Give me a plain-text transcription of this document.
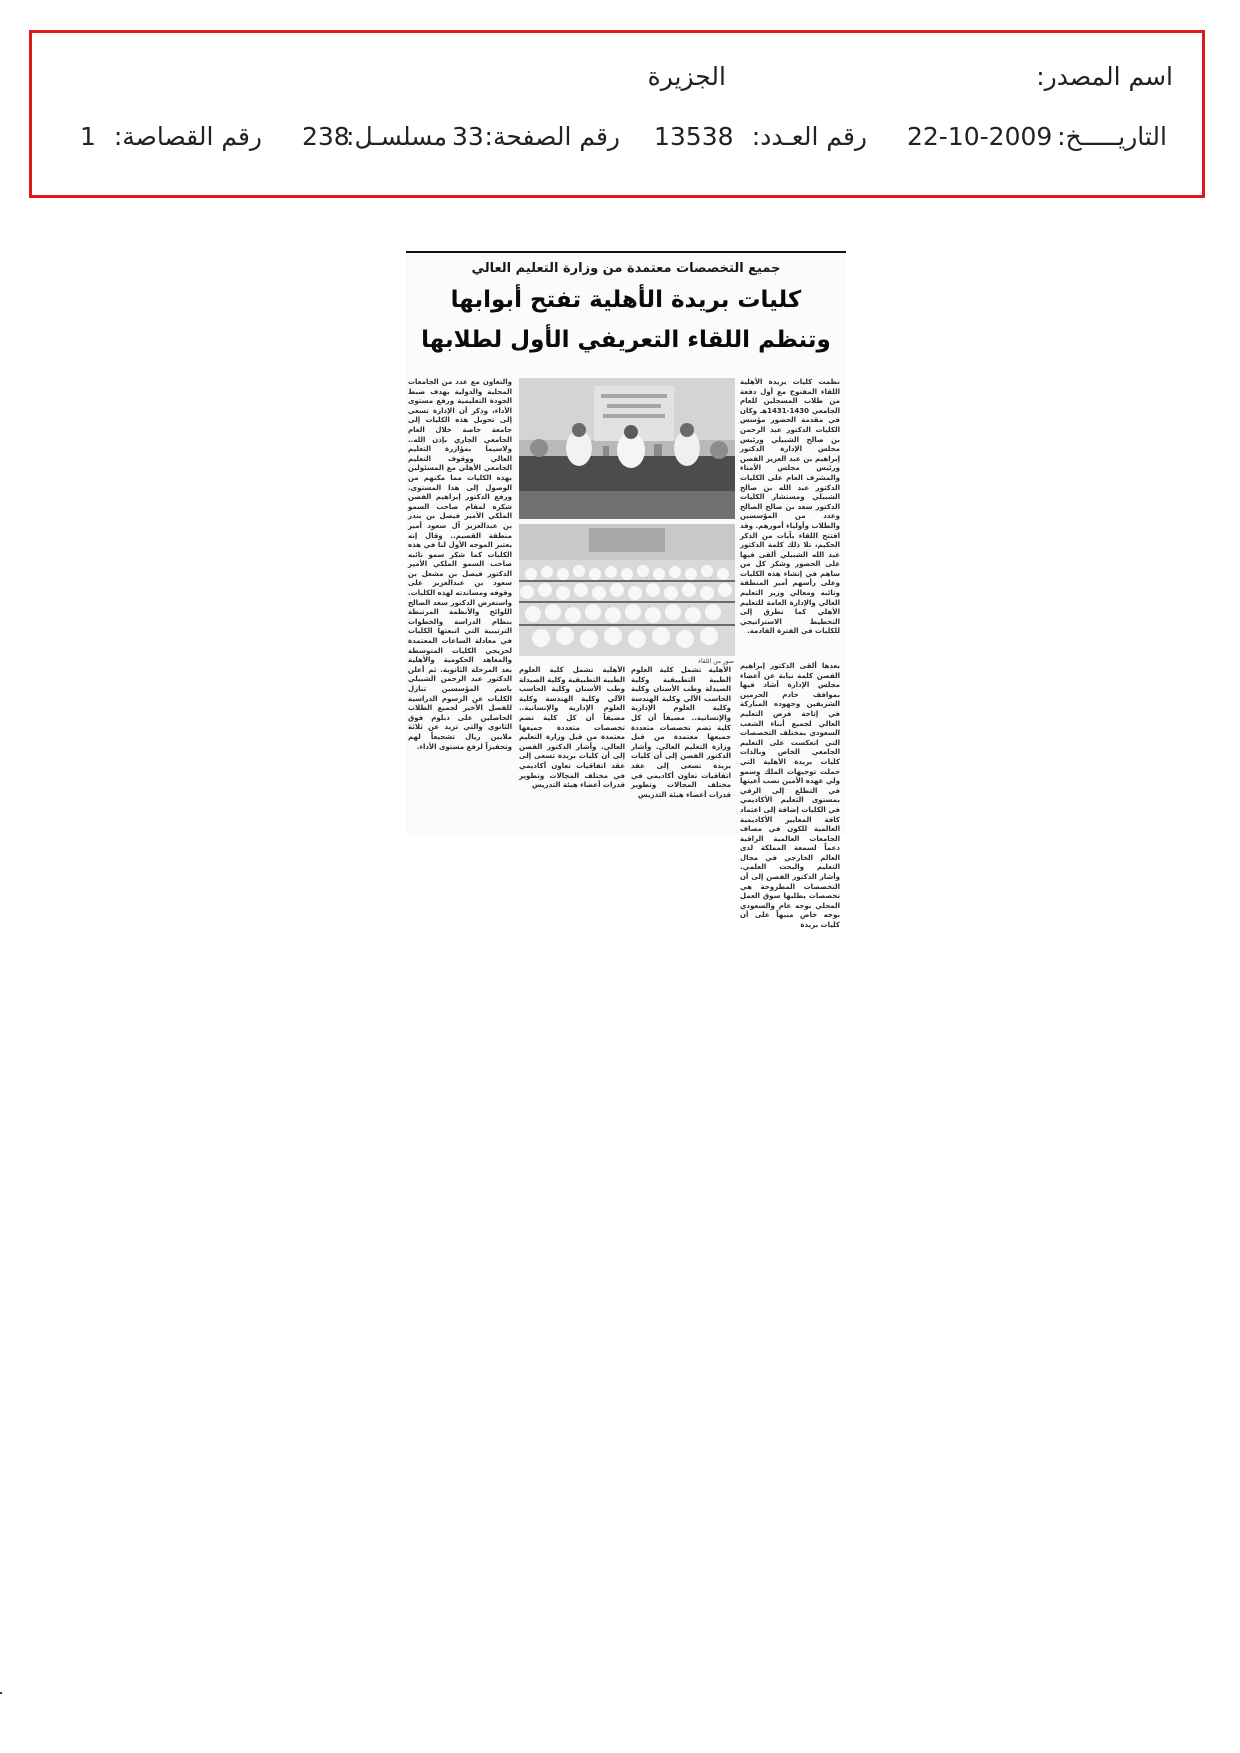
اسم المصدر:
الجزيرة
التاريـــــخ:
22-10-2009
رقم العـدد:
13538
رقم الصفحة:
33
مسلسـل:
238
رقم القصاصة:
1
جميع التخصصات معتمدة من وزارة التعليم العالي
كليات بريدة الأهلية تفتح أبوابها
وتنظم اللقاء التعريفي الأول لطلابها
نظمت كليات بريدة الأهلية اللقاء المفتوح مع أول دفعة من طلاب المسجلين للعام الجامعي 1430-1431هـ وكان في مقدمة الحضور مؤسس الكليات الدكتور عبد الرحمن بن صالح الشبيلي ورئيس مجلس الإدارة الدكتور إبراهيم بن عبد العزيز الفصن ورئيس مجلس الأمناء والمشرف العام على الكليات الدكتور عبد الله بن صالح الشبيلي ومستشار الكليات الدكتور سعد بن صالح الصالح وعدد من المؤسسين والطلاب وأولياء أمورهم. وقد افتتح اللقاء بآيات من الذكر الحكيم، تلا ذلك كلمة الدكتور عبد الله الشبيلي ألقى فيها على الحضور وشكر كل من ساهم في إنشاء هذه الكليات وعلى رأسهم أمير المنطقة ونائبه ومعالي وزير التعليم العالي والإدارة العامة للتعليم الأهلي كما تطرق إلى التخطيط الاستراتيجي للكليات في الفترة القادمة.
بعدها ألقى الدكتور إبراهيم الفصن كلمة نيابة عن أعضاء مجلس الإدارة أشاد فيها بمواقف خادم الحرمين الشريفين وجهوده المباركة في إتاحة فرص التعليم العالي لجميع أبناء الشعب السعودي بمختلف التخصصات التي انعكست على التعليم الجامعي الخاص وبالذات كليات بريدة الأهلية التي حملت توجيهات الملك وسمو ولي عهده الأمين نصب أعينها في التطلع إلى الرقي بمستوى التعليم الأكاديمي في الكليات إضافة إلى اعتماد كافة المعايير الأكاديمية العالمية للكون في مصاف الجامعات العالمية الراقية دعماً لسمعة المملكة لدى العالم الخارجي في مجال التعليم والبحث العلمي. وأشار الدكتور الفصن إلى أن التخصصات المطروحة هي تخصصات يطلبها سوق العمل المحلي بوجه عام والسعودي بوجه خاص منبهاً على أن كليات بريدة
صور من اللقاء
الأهلية تشمل كلية العلوم الطبية التطبيقية وكلية الصيدلة وطب الأسنان وكلية الحاسب الآلي وكلية الهندسة وكلية العلوم الإدارية والإنسانية.. مضيفاً أن كل كلية تضم تخصصات متعددة جميعها معتمدة من قبل وزارة التعليم العالي. وأشار الدكتور الفصن إلى أن كليات بريدة تسعى إلى عقد اتفاقيات تعاون أكاديمي في مختلف المجالات وتطوير قدرات أعضاء هيئة التدريس
الأهلية تشمل كلية العلوم الطبية التطبيقية وكلية الصيدلة وطب الأسنان وكلية الحاسب الآلي وكلية الهندسة وكلية العلوم الإدارية والإنسانية.. مضيفاً أن كل كلية تضم تخصصات متعددة جميعها معتمدة من قبل وزارة التعليم العالي. وأشار الدكتور الفصن إلى أن كليات بريدة تسعى إلى عقد اتفاقيات تعاون أكاديمي في مختلف المجالات وتطوير قدرات أعضاء هيئة التدريس
والتعاون مع عدد من الجامعات المحلية والدولية بهدف ضبط الجودة التعليمية ورفع مستوى الأداء، وذكر أن الإدارة تسعى إلى تحويل هذه الكليات إلى جامعة خاصة خلال العام الجامعي الجاري بإذن الله.. ولاسيما بمؤازرة التعليم العالي ووقوف التعليم الجامعي الأهلي مع المسئولين بهذه الكليات مما مكنهم من الوصول إلى هذا المستوى. ورفع الدكتور إبراهيم الفصن شكره لمقام صاحب السمو الملكي الأمير فيصل بن بندر بن عبدالعزيز آل سعود أمير منطقة القصيم.. وقال إنه يعتبر الموجه الأول لنا في هذه الكليات كما شكر سمو نائبه صاحب السمو الملكي الأمير الدكتور فيصل بن مشعل بن سعود بن عبدالعزيز على وقوفه ومساندته لهذه الكليات. واستعرض الدكتور سعد الصالح اللوائح والأنظمة المرتبطة بنظام الدراسة والخطوات الترتيبية التي اتبعتها الكليات في معادلة الساعات المعتمدة لخريجي الكليات المتوسطة والمعاهد الحكومية والأهلية بعد المرحلة الثانوية. ثم أعلن الدكتور عبد الرحمن الشبيلي باسم المؤسسين تنازل الكليات عن الرسوم الدراسية للفصل الأخير لجميع الطلاب الحاصلين على دبلوم فوق الثانوي والتي تزيد عن ثلاثة ملايين ريال تشجيعاً لهم وتحفيزاً لرفع مستوى الأداء.
